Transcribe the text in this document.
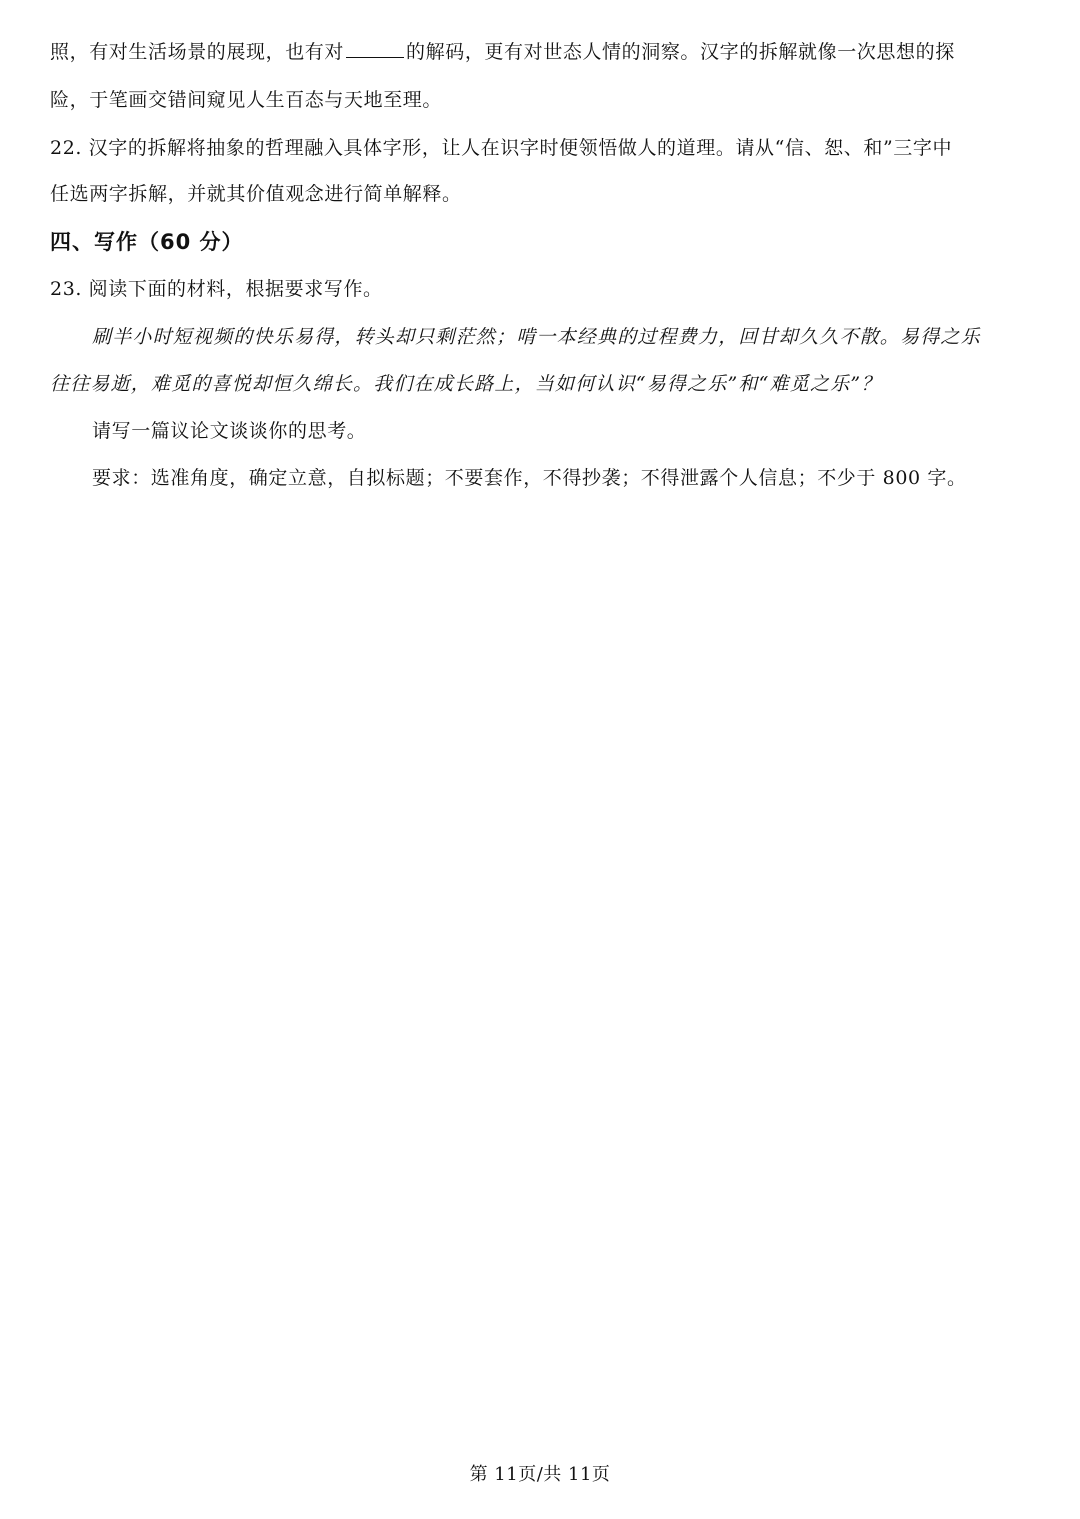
照，有对生活场景的展现，也有对	的解码，更有对世态人情的洞察。汉字的拆解就像一次思想的探
险，于笔画交错间窥见人生百态与天地至理。
22. 汉字的拆解将抽象的哲理融入具体字形，让人在识字时便领悟做人的道理。请从“信、恕、和”三字中
任选两字拆解，并就其价值观念进行简单解释。
四、写作（60 分）
23. 阅读下面的材料，根据要求写作。
刷半小时短视频的快乐易得，转头却只剩茫然；啃一本经典的过程费力，回甘却久久不散。易得之乐
往往易逝，难觅的喜悦却恒久绵长。我们在成长路上，当如何认识“易得之乐”和“难觅之乐”？
请写一篇议论文谈谈你的思考。
要求：选准角度，确定立意，自拟标题；不要套作，不得抄袭；不得泄露个人信息；不少于 800 字。
第 11页/共 11页
